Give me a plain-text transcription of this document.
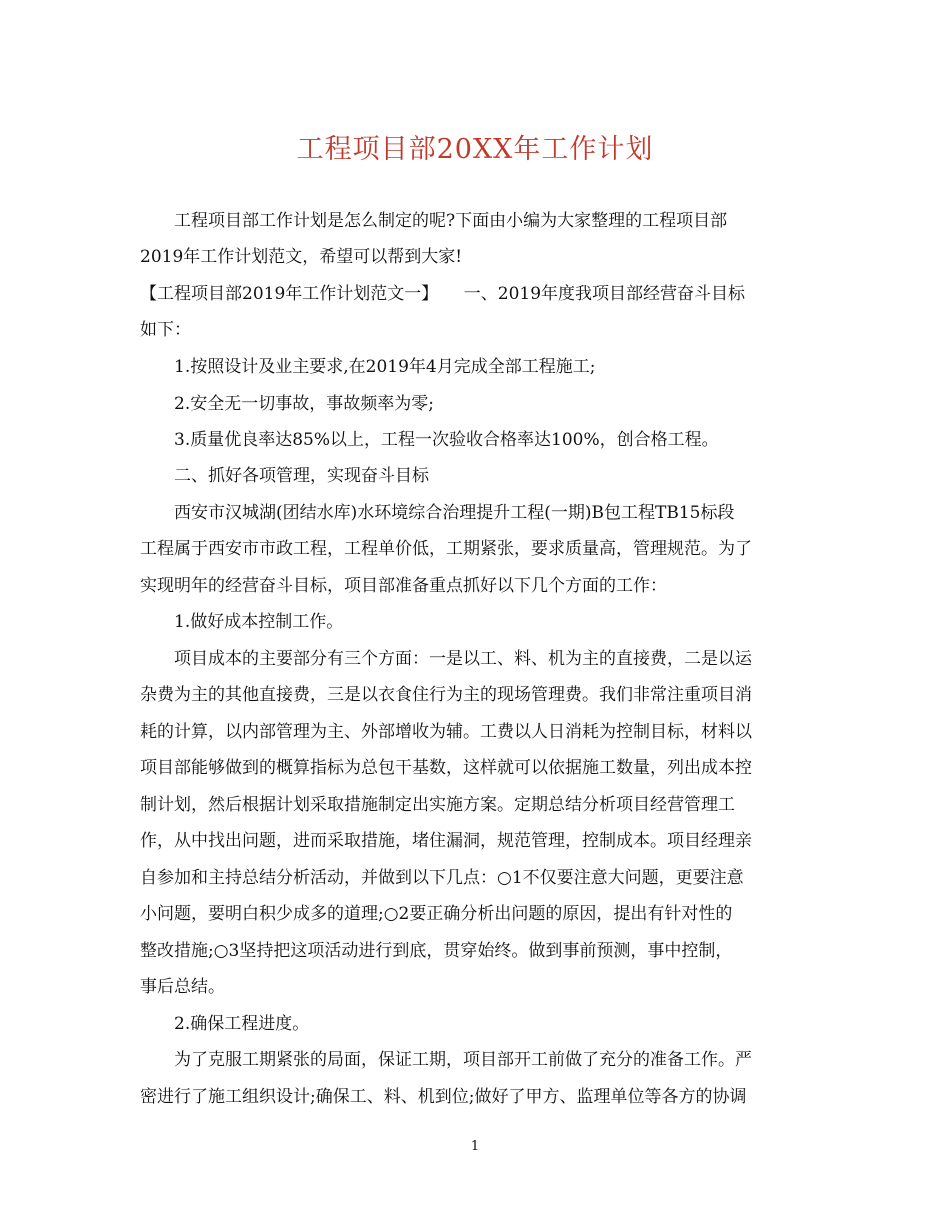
工程项目部20XX年工作计划
工程项目部工作计划是怎么制定的呢?下面由小编为大家整理的工程项目部
2019年工作计划范文，希望可以帮到大家!
【工程项目部2019年工作计划范文一】　　一、2019年度我项目部经营奋斗目标
如下：
1.按照设计及业主要求,在2019年4月完成全部工程施工;
2.安全无一切事故，事故频率为零;
3.质量优良率达85%以上，工程一次验收合格率达100%，创合格工程。
二、抓好各项管理，实现奋斗目标
西安市汉城湖(团结水库)水环境综合治理提升工程(一期)B包工程TB15标段
工程属于西安市市政工程，工程单价低，工期紧张，要求质量高，管理规范。为了
实现明年的经营奋斗目标，项目部准备重点抓好以下几个方面的工作：
1.做好成本控制工作。
项目成本的主要部分有三个方面：一是以工、料、机为主的直接费，二是以运
杂费为主的其他直接费，三是以衣食住行为主的现场管理费。我们非常注重项目消
耗的计算，以内部管理为主、外部增收为辅。工费以人日消耗为控制目标，材料以
项目部能够做到的概算指标为总包干基数，这样就可以依据施工数量，列出成本控
制计划，然后根据计划采取措施制定出实施方案。定期总结分析项目经营管理工
作，从中找出问题，进而采取措施，堵住漏洞，规范管理，控制成本。项目经理亲
自参加和主持总结分析活动，并做到以下几点：○1不仅要注意大问题，更要注意
小问题，要明白积少成多的道理;○2要正确分析出问题的原因，提出有针对性的
整改措施;○3坚持把这项活动进行到底，贯穿始终。做到事前预测，事中控制，
事后总结。
2.确保工程进度。
为了克服工期紧张的局面，保证工期，项目部开工前做了充分的准备工作。严
密进行了施工组织设计;确保工、料、机到位;做好了甲方、监理单位等各方的协调
1
